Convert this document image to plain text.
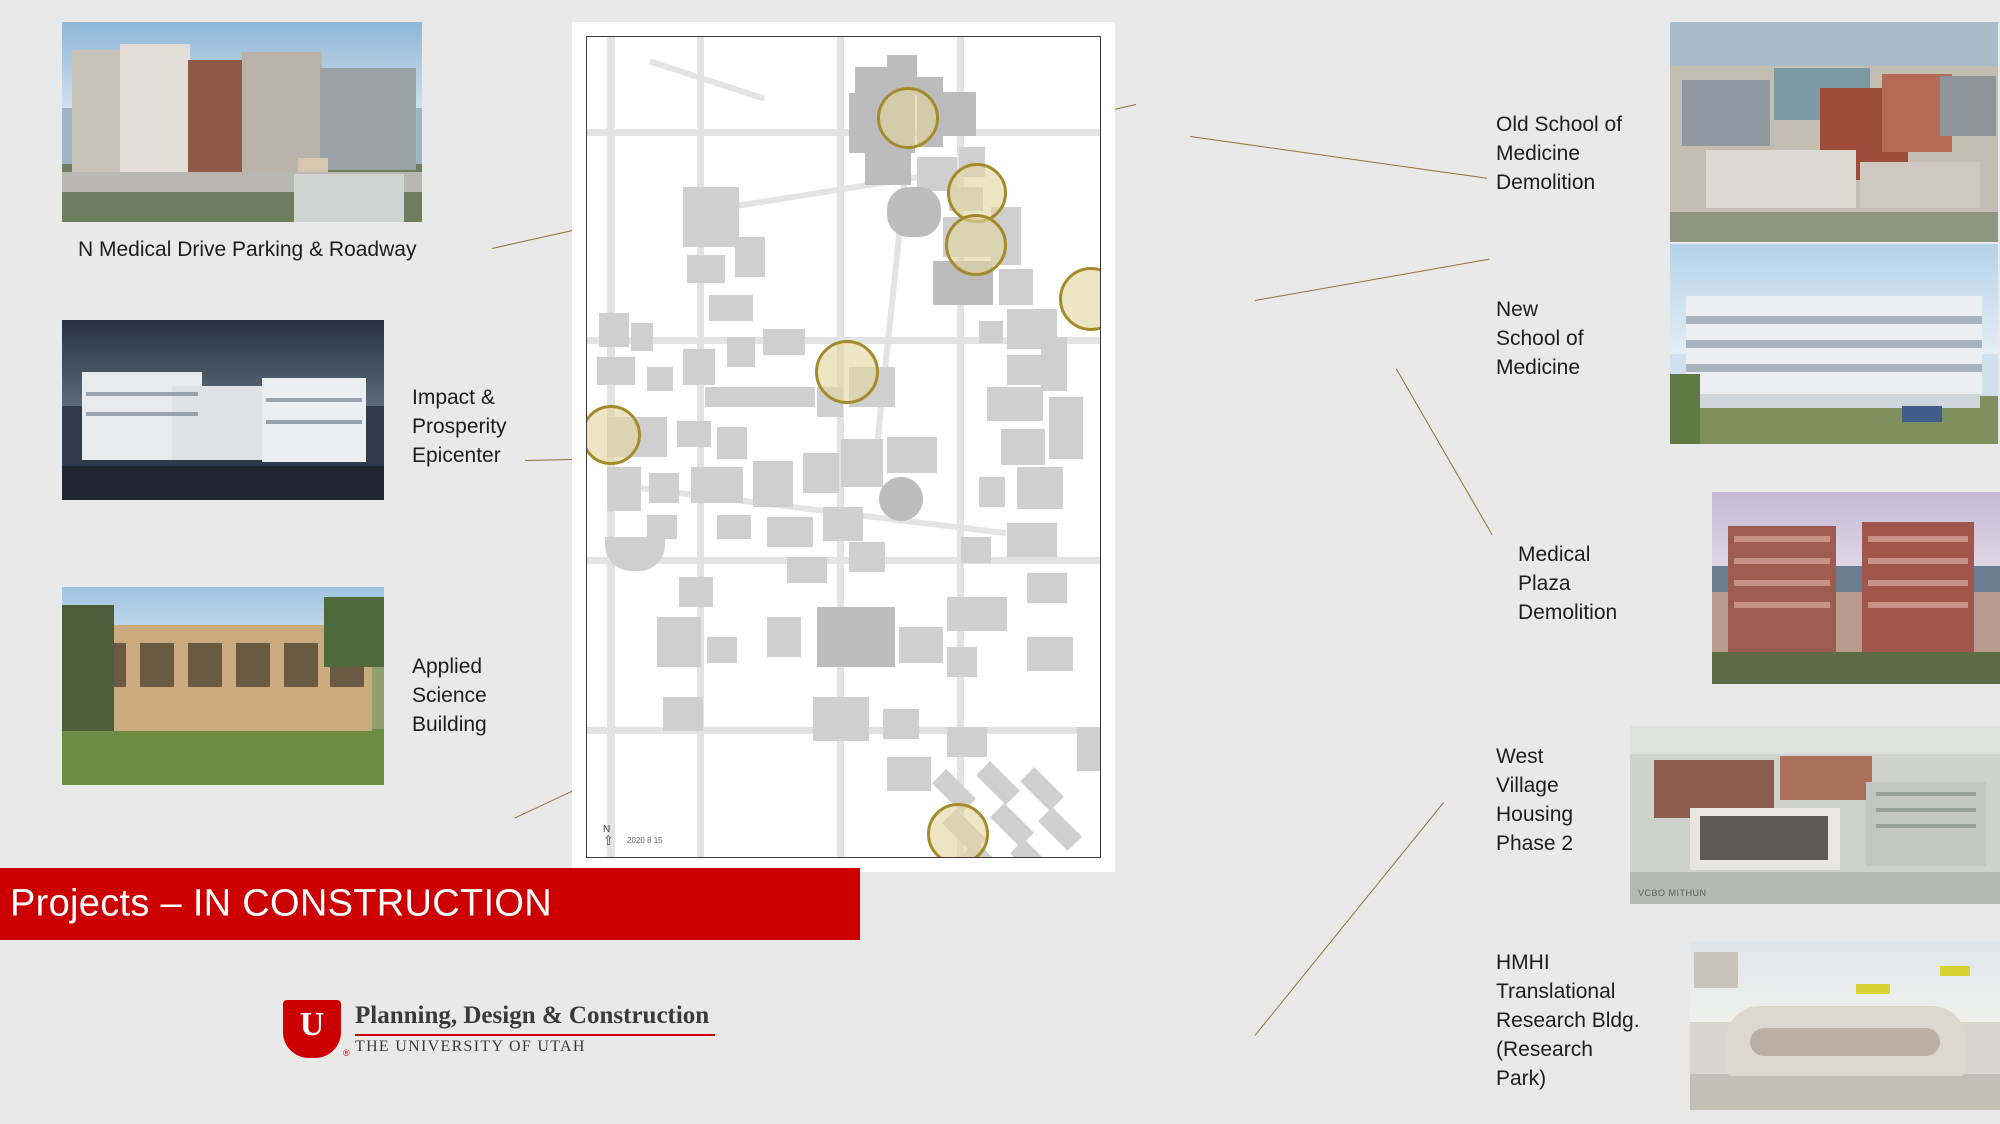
VCBO MITHUN
N Medical Drive Parking & Roadway
Impact &
Prosperity
Epicenter
Applied
Science
Building
Old School of
Medicine
Demolition
New
School of
Medicine
Medical
Plaza
Demolition
West
Village
Housing
Phase 2
HMHI
Translational
Research Bldg.
(Research
Park)
N
⇧ 2020 8 15
Projects – IN CONSTRUCTION
U
®
Planning, Design & Construction
THE UNIVERSITY OF UTAH
